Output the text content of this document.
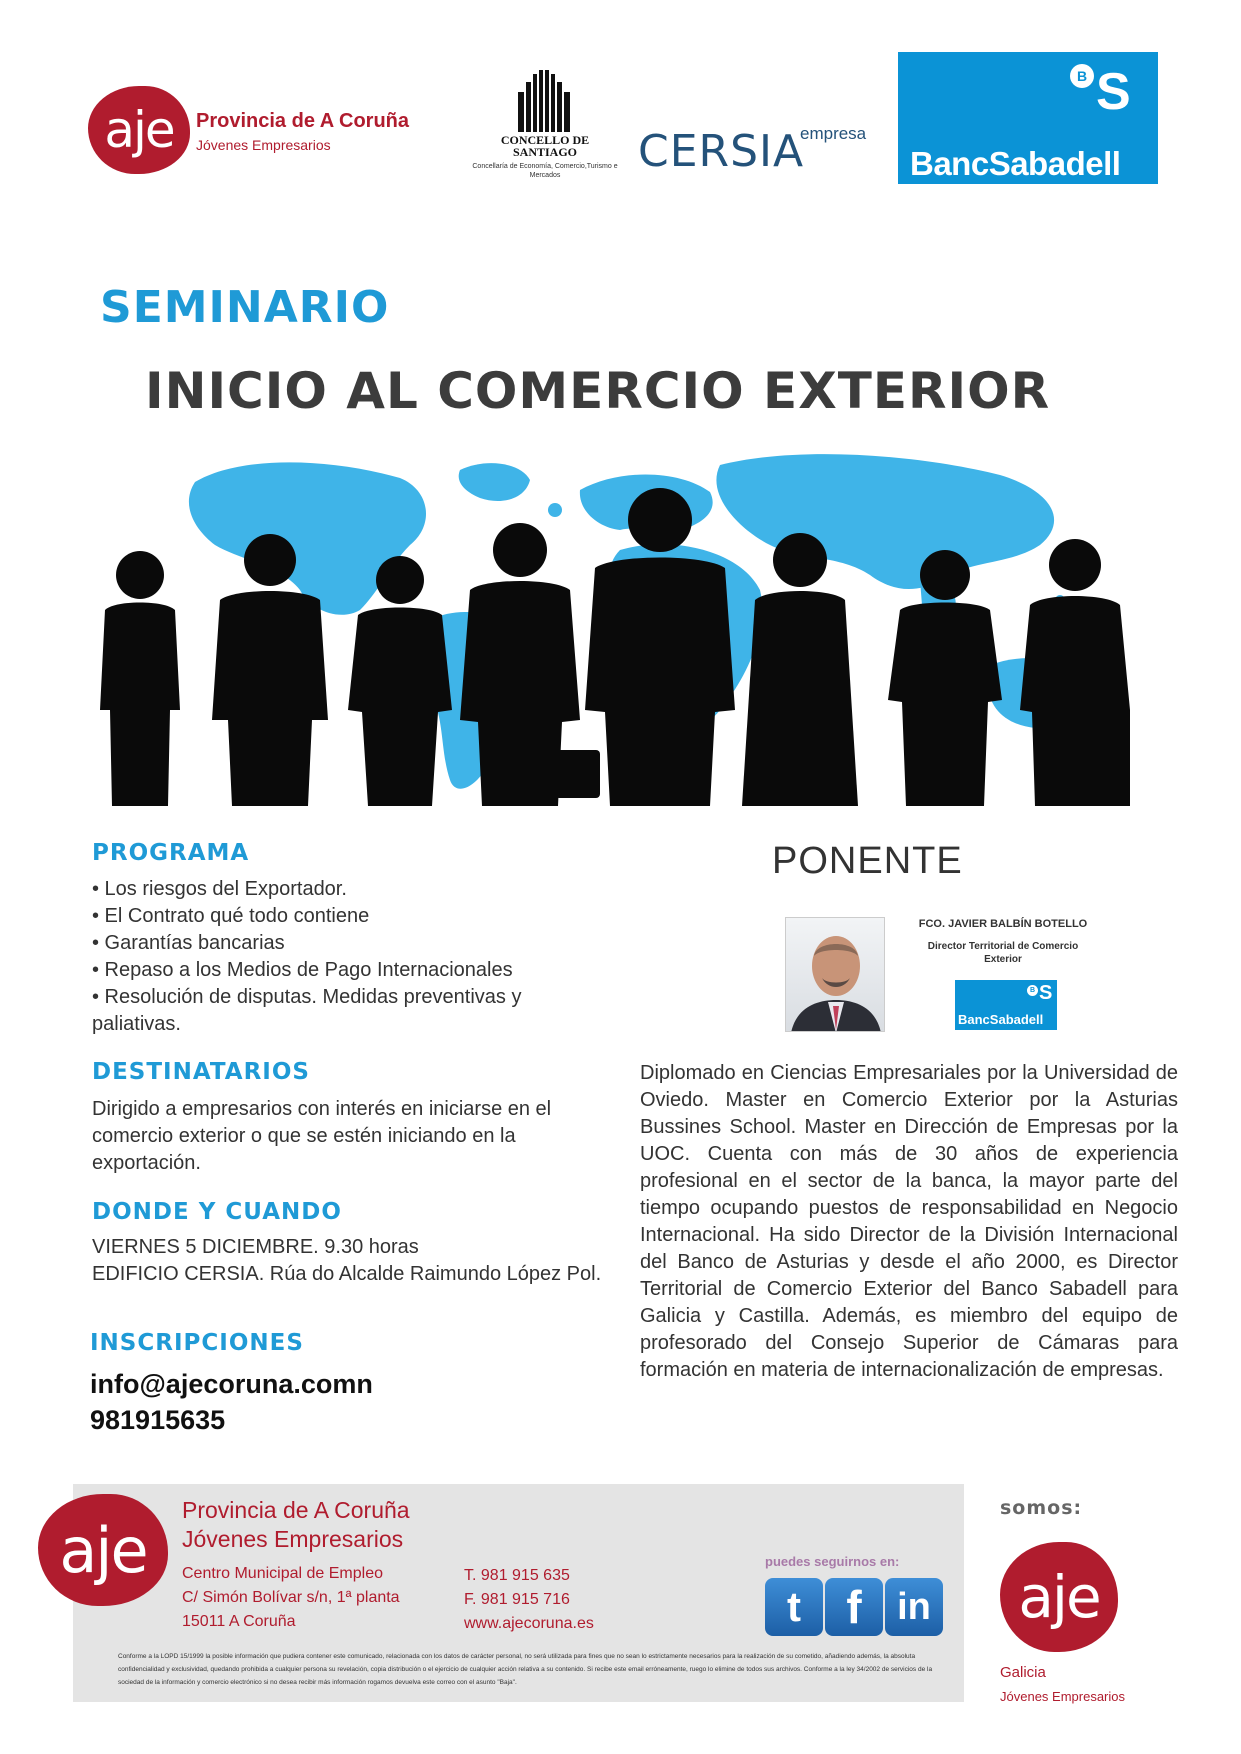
aje	Provincia de A Coruña
Jóvenes Empresarios	CONCELLO DE SANTIAGO
Concellaría de Economía, Comercio,Turismo e Mercados	CERSIA
empresa
B S
BancSabadell
SEMINARIO
INICIO AL COMERCIO EXTERIOR
PROGRAMA
• Los riesgos del Exportador.
• El Contrato qué todo contiene
• Garantías bancarias
• Repaso a los Medios de Pago Internacionales
• Resolución de disputas. Medidas preventivas y paliativas.
DESTINATARIOS
Dirigido a empresarios con interés en iniciarse en el comercio exterior o que se estén iniciando en la exportación.
DONDE Y CUANDO
VIERNES 5 DICIEMBRE. 9.30 horas
EDIFICIO CERSIA. Rúa do Alcalde Raimundo López Pol.
INSCRIPCIONES
info@ajecoruna.comn
981915635
PONENTE
FCO. JAVIER BALBÍN BOTELLO
Director Territorial de Comercio Exterior
B S
BancSabadell
Diplomado en Ciencias Empresariales por la Universidad de Oviedo. Master en Comercio Exterior por la Asturias Bussines School. Master en Dirección de Empresas por la UOC. Cuenta con más de 30 años de experiencia profesional en el sector de la banca, la mayor parte del tiempo ocupando puestos de responsabilidad en Negocio Internacional. Ha sido Director de la División Internacional del Banco de Asturias y desde el año 2000, es Director Territorial de Comercio Exterior del Banco Sabadell para Galicia y Castilla. Además, es miembro del equipo de profesorado del Consejo Superior de Cámaras para formación en materia de internacionalización de empresas.
aje
Provincia de A Coruña
Jóvenes Empresarios
Centro Municipal de Empleo
C/ Simón Bolívar s/n, 1ª planta
15011 A Coruña
T. 981 915 635
F. 981 915 716
www.ajecoruna.es
puedes seguirnos en:
t f in
Conforme a la LOPD 15/1999 la posible información que pudiera contener este comunicado, relacionada con los datos de carácter personal, no será utilizada para fines que no sean lo estrictamente necesarios para la realización de su cometido, añadiendo además, la absoluta confidencialidad y exclusividad, quedando prohibida a cualquier persona su revelación, copia distribución o el ejercicio de cualquier acción relativa a su contenido. Si recibe este email erróneamente, ruego lo elimine de todos sus archivos. Conforme a la ley 34/2002 de servicios de la sociedad de la información y comercio electrónico si no desea recibir más información rogamos devuelva este correo con el asunto "Baja".
somos:
aje
Galicia
Jóvenes Empresarios
